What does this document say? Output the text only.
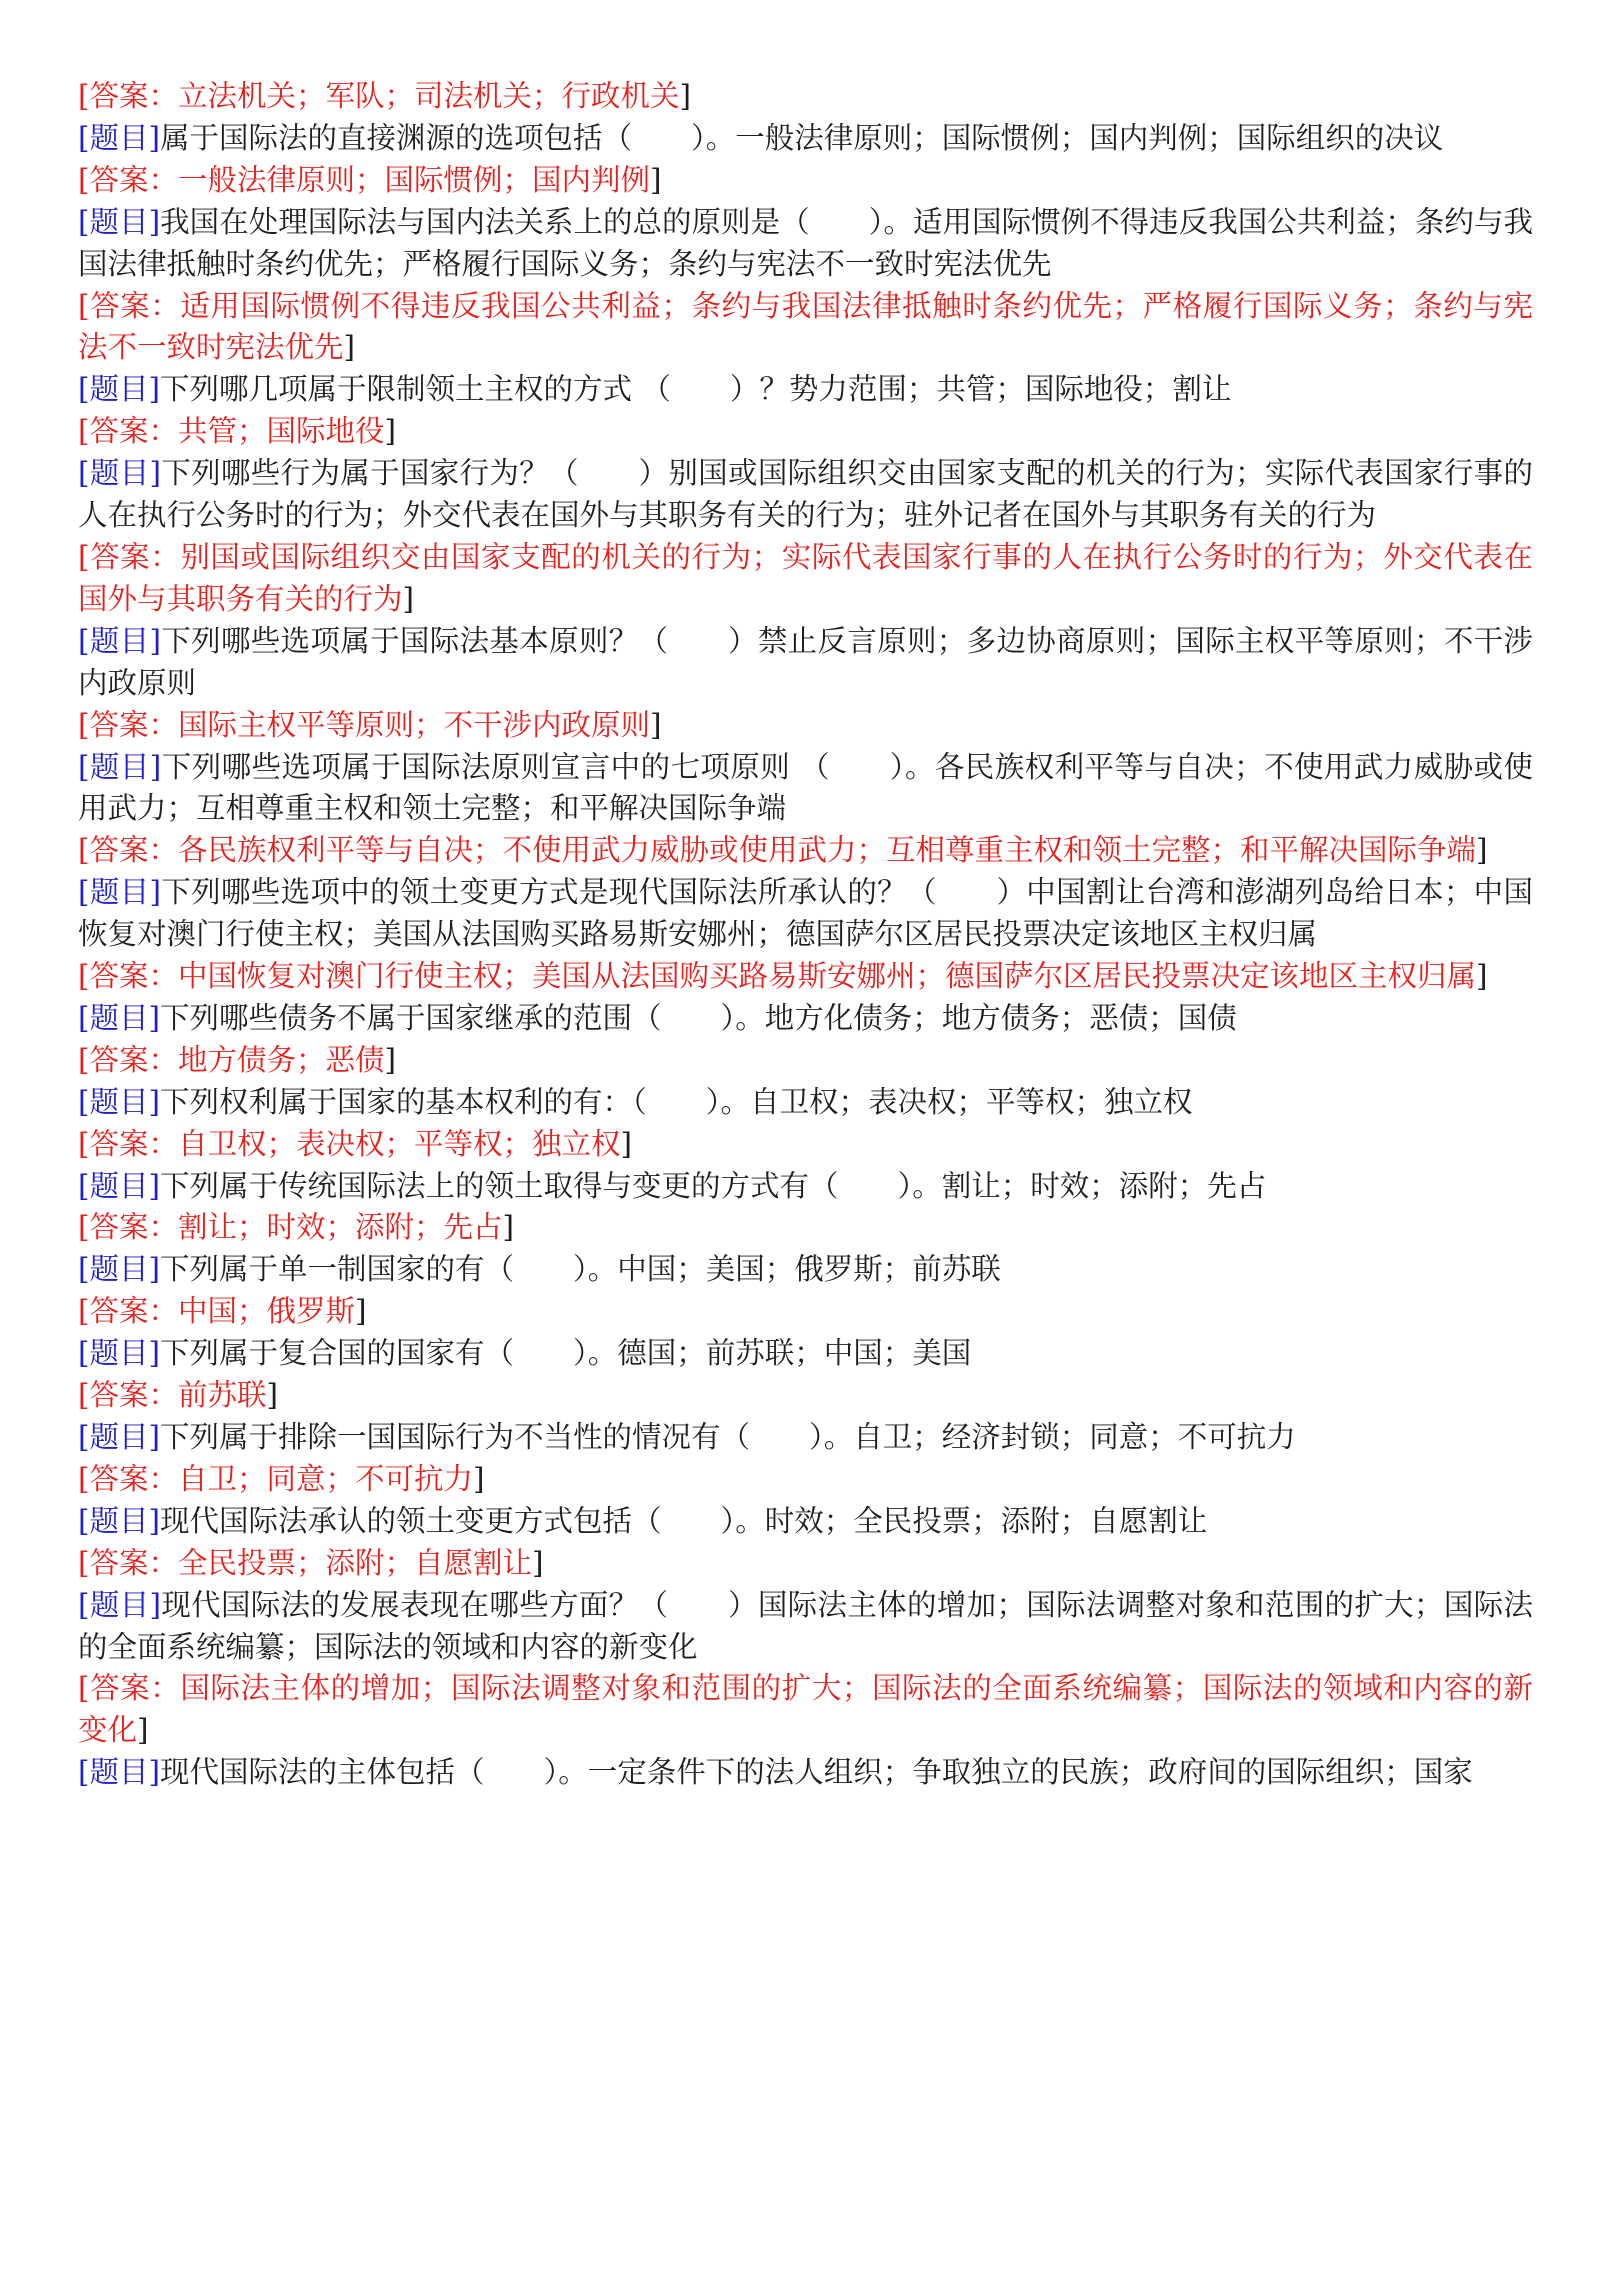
[答案：立法机关；军队；司法机关；行政机关]
[题目]属于国际法的直接渊源的选项包括（　　）。一般法律原则；国际惯例；国内判例；国际组织的决议
[答案：一般法律原则；国际惯例；国内判例]
[题目]我国在处理国际法与国内法关系上的总的原则是（　　）。适用国际惯例不得违反我国公共利益；条约与我国法律抵触时条约优先；严格履行国际义务；条约与宪法不一致时宪法优先
[答案：适用国际惯例不得违反我国公共利益；条约与我国法律抵触时条约优先；严格履行国际义务；条约与宪法不一致时宪法优先]
[题目]下列哪几项属于限制领土主权的方式 （　　）？势力范围；共管；国际地役；割让
[答案：共管；国际地役]
[题目]下列哪些行为属于国家行为？（　　）别国或国际组织交由国家支配的机关的行为；实际代表国家行事的人在执行公务时的行为；外交代表在国外与其职务有关的行为；驻外记者在国外与其职务有关的行为
[答案：别国或国际组织交由国家支配的机关的行为；实际代表国家行事的人在执行公务时的行为；外交代表在国外与其职务有关的行为]
[题目]下列哪些选项属于国际法基本原则？（　　）禁止反言原则；多边协商原则；国际主权平等原则；不干涉内政原则
[答案：国际主权平等原则；不干涉内政原则]
[题目]下列哪些选项属于国际法原则宣言中的七项原则 （　　）。各民族权利平等与自决；不使用武力威胁或使用武力；互相尊重主权和领土完整；和平解决国际争端
[答案：各民族权利平等与自决；不使用武力威胁或使用武力；互相尊重主权和领土完整；和平解决国际争端]
[题目]下列哪些选项中的领土变更方式是现代国际法所承认的？（　　）中国割让台湾和澎湖列岛给日本；中国恢复对澳门行使主权；美国从法国购买路易斯安娜州；德国萨尔区居民投票决定该地区主权归属
[答案：中国恢复对澳门行使主权；美国从法国购买路易斯安娜州；德国萨尔区居民投票决定该地区主权归属]
[题目]下列哪些债务不属于国家继承的范围（　　）。地方化债务；地方债务；恶债；国债
[答案：地方债务；恶债]
[题目]下列权利属于国家的基本权利的有：（　　）。自卫权；表决权；平等权；独立权
[答案：自卫权；表决权；平等权；独立权]
[题目]下列属于传统国际法上的领土取得与变更的方式有（　　）。割让；时效；添附；先占
[答案：割让；时效；添附；先占]
[题目]下列属于单一制国家的有（　　）。中国；美国；俄罗斯；前苏联
[答案：中国；俄罗斯]
[题目]下列属于复合国的国家有（　　）。德国；前苏联；中国；美国
[答案：前苏联]
[题目]下列属于排除一国国际行为不当性的情况有（　　）。自卫；经济封锁；同意；不可抗力
[答案：自卫；同意；不可抗力]
[题目]现代国际法承认的领土变更方式包括（　　）。时效；全民投票；添附；自愿割让
[答案：全民投票；添附；自愿割让]
[题目]现代国际法的发展表现在哪些方面？（　　）国际法主体的增加；国际法调整对象和范围的扩大；国际法的全面系统编纂；国际法的领域和内容的新变化
[答案：国际法主体的增加；国际法调整对象和范围的扩大；国际法的全面系统编纂；国际法的领域和内容的新变化]
[题目]现代国际法的主体包括（　　）。一定条件下的法人组织；争取独立的民族；政府间的国际组织；国家
